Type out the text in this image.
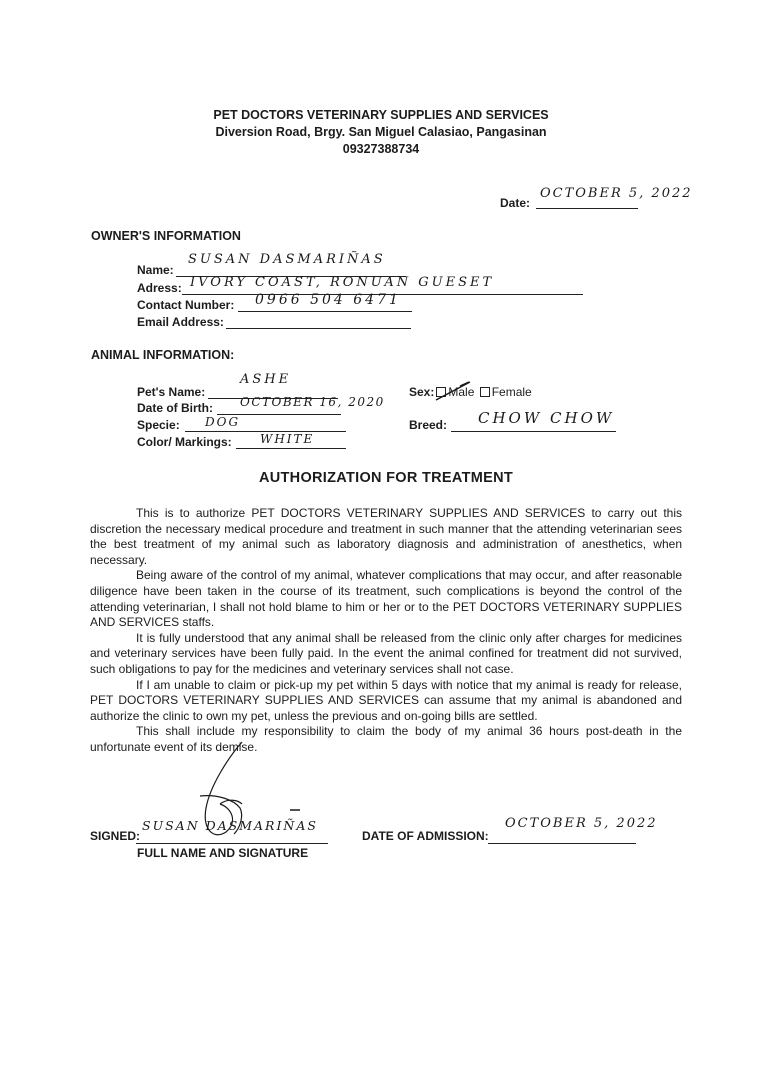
PET DOCTORS VETERINARY SUPPLIES AND SERVICES
Diversion Road, Brgy. San Miguel Calasiao, Pangasinan
09327388734
Date:
OCTOBER 5, 2022
OWNER'S INFORMATION
Name:
SUSAN DASMARIÑAS
Adress: IVORY COAST, RONUAN GUESET
Contact Number: 0966 504 6471
Email Address:
ANIMAL INFORMATION:
Pet's Name:
ASHE
Date of Birth: OCTOBER 16, 2020
Specie: DOG
Color/ Markings: WHITE
Sex: Male Female
Breed: CHOW CHOW
AUTHORIZATION FOR TREATMENT

This is to authorize PET DOCTORS VETERINARY SUPPLIES AND SERVICES to carry out this discretion the necessary medical procedure and treatment in such manner that the attending veterinarian sees the best treatment of my animal such as laboratory diagnosis and administration of anesthetics, when necessary.

Being aware of the control of my animal, whatever complications that may occur, and after reasonable diligence have been taken in the course of its treatment, such complications is beyond the control of the attending veterinarian, I shall not hold blame to him or her or to the PET DOCTORS VETERINARY SUPPLIES AND SERVICES staffs.

It is fully understood that any animal shall be released from the clinic only after charges for medicines and veterinary services have been fully paid. In the event the animal confined for treatment did not survived, such obligations to pay for the medicines and veterinary services shall not case.

If I am unable to claim or pick-up my pet within 5 days with notice that my animal is ready for release, PET DOCTORS VETERINARY SUPPLIES AND SERVICES can assume that my animal is abandoned and authorize the clinic to own my pet, unless the previous and on-going bills are settled.

This shall include my responsibility to claim the body of my animal 36 hours post-death in the unfortunate event of its demise.

SIGNED:
SUSAN DASMARIÑAS
FULL NAME AND SIGNATURE
DATE OF ADMISSION:
OCTOBER 5, 2022
